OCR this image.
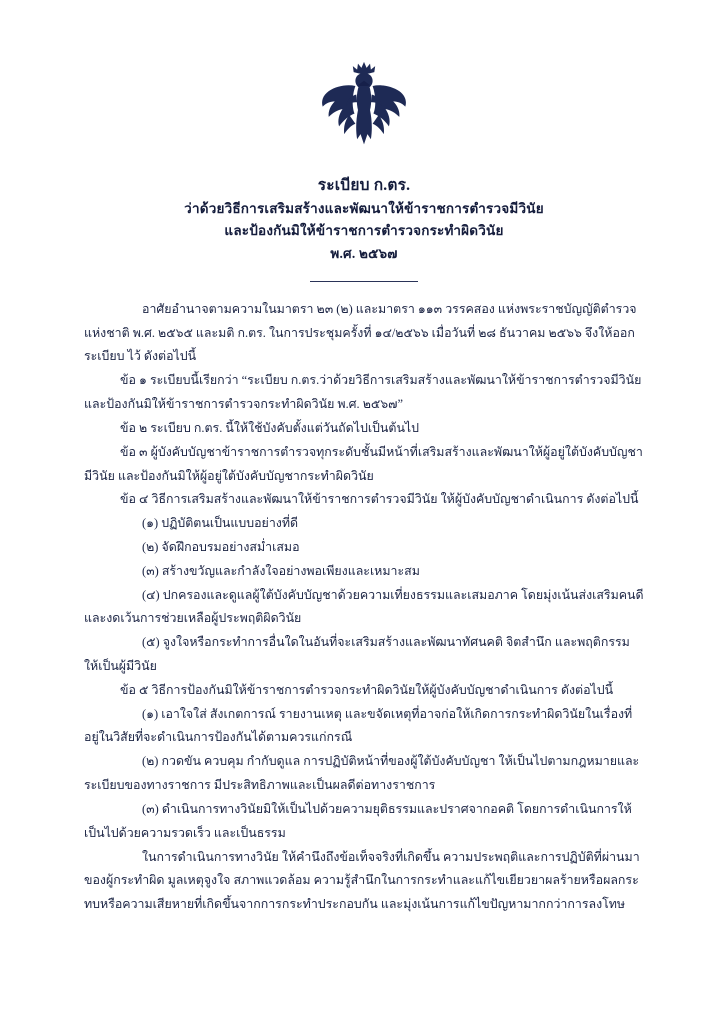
ระเบียบ ก.ตร.
ว่าด้วยวิธีการเสริมสร้างและพัฒนาให้ข้าราชการตำรวจมีวินัย
และป้องกันมิให้ข้าราชการตำรวจกระทำผิดวินัย
พ.ศ. ๒๕๖๗

อาศัยอำนาจตามความในมาตรา ๒๓ (๒) และมาตรา ๑๑๓ วรรคสอง แห่งพระราชบัญญัติตำรวจแห่งชาติ พ.ศ. ๒๕๖๕ และมติ ก.ตร. ในการประชุมครั้งที่ ๑๔/๒๕๖๖ เมื่อวันที่ ๒๘ ธันวาคม ๒๕๖๖ จึงให้ออกระเบียบ ไว้ ดังต่อไปนี้

ข้อ ๑ ระเบียบนี้เรียกว่า “ระเบียบ ก.ตร.ว่าด้วยวิธีการเสริมสร้างและพัฒนาให้ข้าราชการตำรวจมีวินัย และป้องกันมิให้ข้าราชการตำรวจกระทำผิดวินัย พ.ศ. ๒๕๖๗”

ข้อ ๒ ระเบียบ ก.ตร. นี้ให้ใช้บังคับตั้งแต่วันถัดไปเป็นต้นไป

ข้อ ๓ ผู้บังคับบัญชาข้าราชการตำรวจทุกระดับชั้นมีหน้าที่เสริมสร้างและพัฒนาให้ผู้อยู่ใต้บังคับบัญชามีวินัย และป้องกันมิให้ผู้อยู่ใต้บังคับบัญชากระทำผิดวินัย

ข้อ ๔ วิธีการเสริมสร้างและพัฒนาให้ข้าราชการตำรวจมีวินัย ให้ผู้บังคับบัญชาดำเนินการ ดังต่อไปนี้

(๑) ปฏิบัติตนเป็นแบบอย่างที่ดี

(๒) จัดฝึกอบรมอย่างสม่ำเสมอ

(๓) สร้างขวัญและกำลังใจอย่างพอเพียงและเหมาะสม

(๔) ปกครองและดูแลผู้ใต้บังคับบัญชาด้วยความเที่ยงธรรมและเสมอภาค โดยมุ่งเน้นส่งเสริมคนดีและงดเว้นการช่วยเหลือผู้ประพฤติผิดวินัย

(๕) จูงใจหรือกระทำการอื่นใดในอันที่จะเสริมสร้างและพัฒนาทัศนคติ จิตสำนึก และพฤติกรรมให้เป็นผู้มีวินัย

ข้อ ๕ วิธีการป้องกันมิให้ข้าราชการตำรวจกระทำผิดวินัยให้ผู้บังคับบัญชาดำเนินการ ดังต่อไปนี้

(๑) เอาใจใส่ สังเกตการณ์ รายงานเหตุ และขจัดเหตุที่อาจก่อให้เกิดการกระทำผิดวินัยในเรื่องที่อยู่ในวิสัยที่จะดำเนินการป้องกันได้ตามควรแก่กรณี

(๒) กวดขัน ควบคุม กำกับดูแล การปฏิบัติหน้าที่ของผู้ใต้บังคับบัญชา ให้เป็นไปตามกฎหมายและระเบียบของทางราชการ มีประสิทธิภาพและเป็นผลดีต่อทางราชการ

(๓) ดำเนินการทางวินัยมิให้เป็นไปด้วยความยุติธรรมและปราศจากอคติ โดยการดำเนินการให้เป็นไปด้วยความรวดเร็ว และเป็นธรรม

ในการดำเนินการทางวินัย ให้คำนึงถึงข้อเท็จจริงที่เกิดขึ้น ความประพฤติและการปฏิบัติที่ผ่านมาของผู้กระทำผิด มูลเหตุจูงใจ สภาพแวดล้อม ความรู้สำนึกในการกระทำและแก้ไขเยียวยาผลร้ายหรือผลกระทบหรือความเสียหายที่เกิดขึ้นจากการกระทำประกอบกัน และมุ่งเน้นการแก้ไขปัญหามากกว่าการลงโทษ
